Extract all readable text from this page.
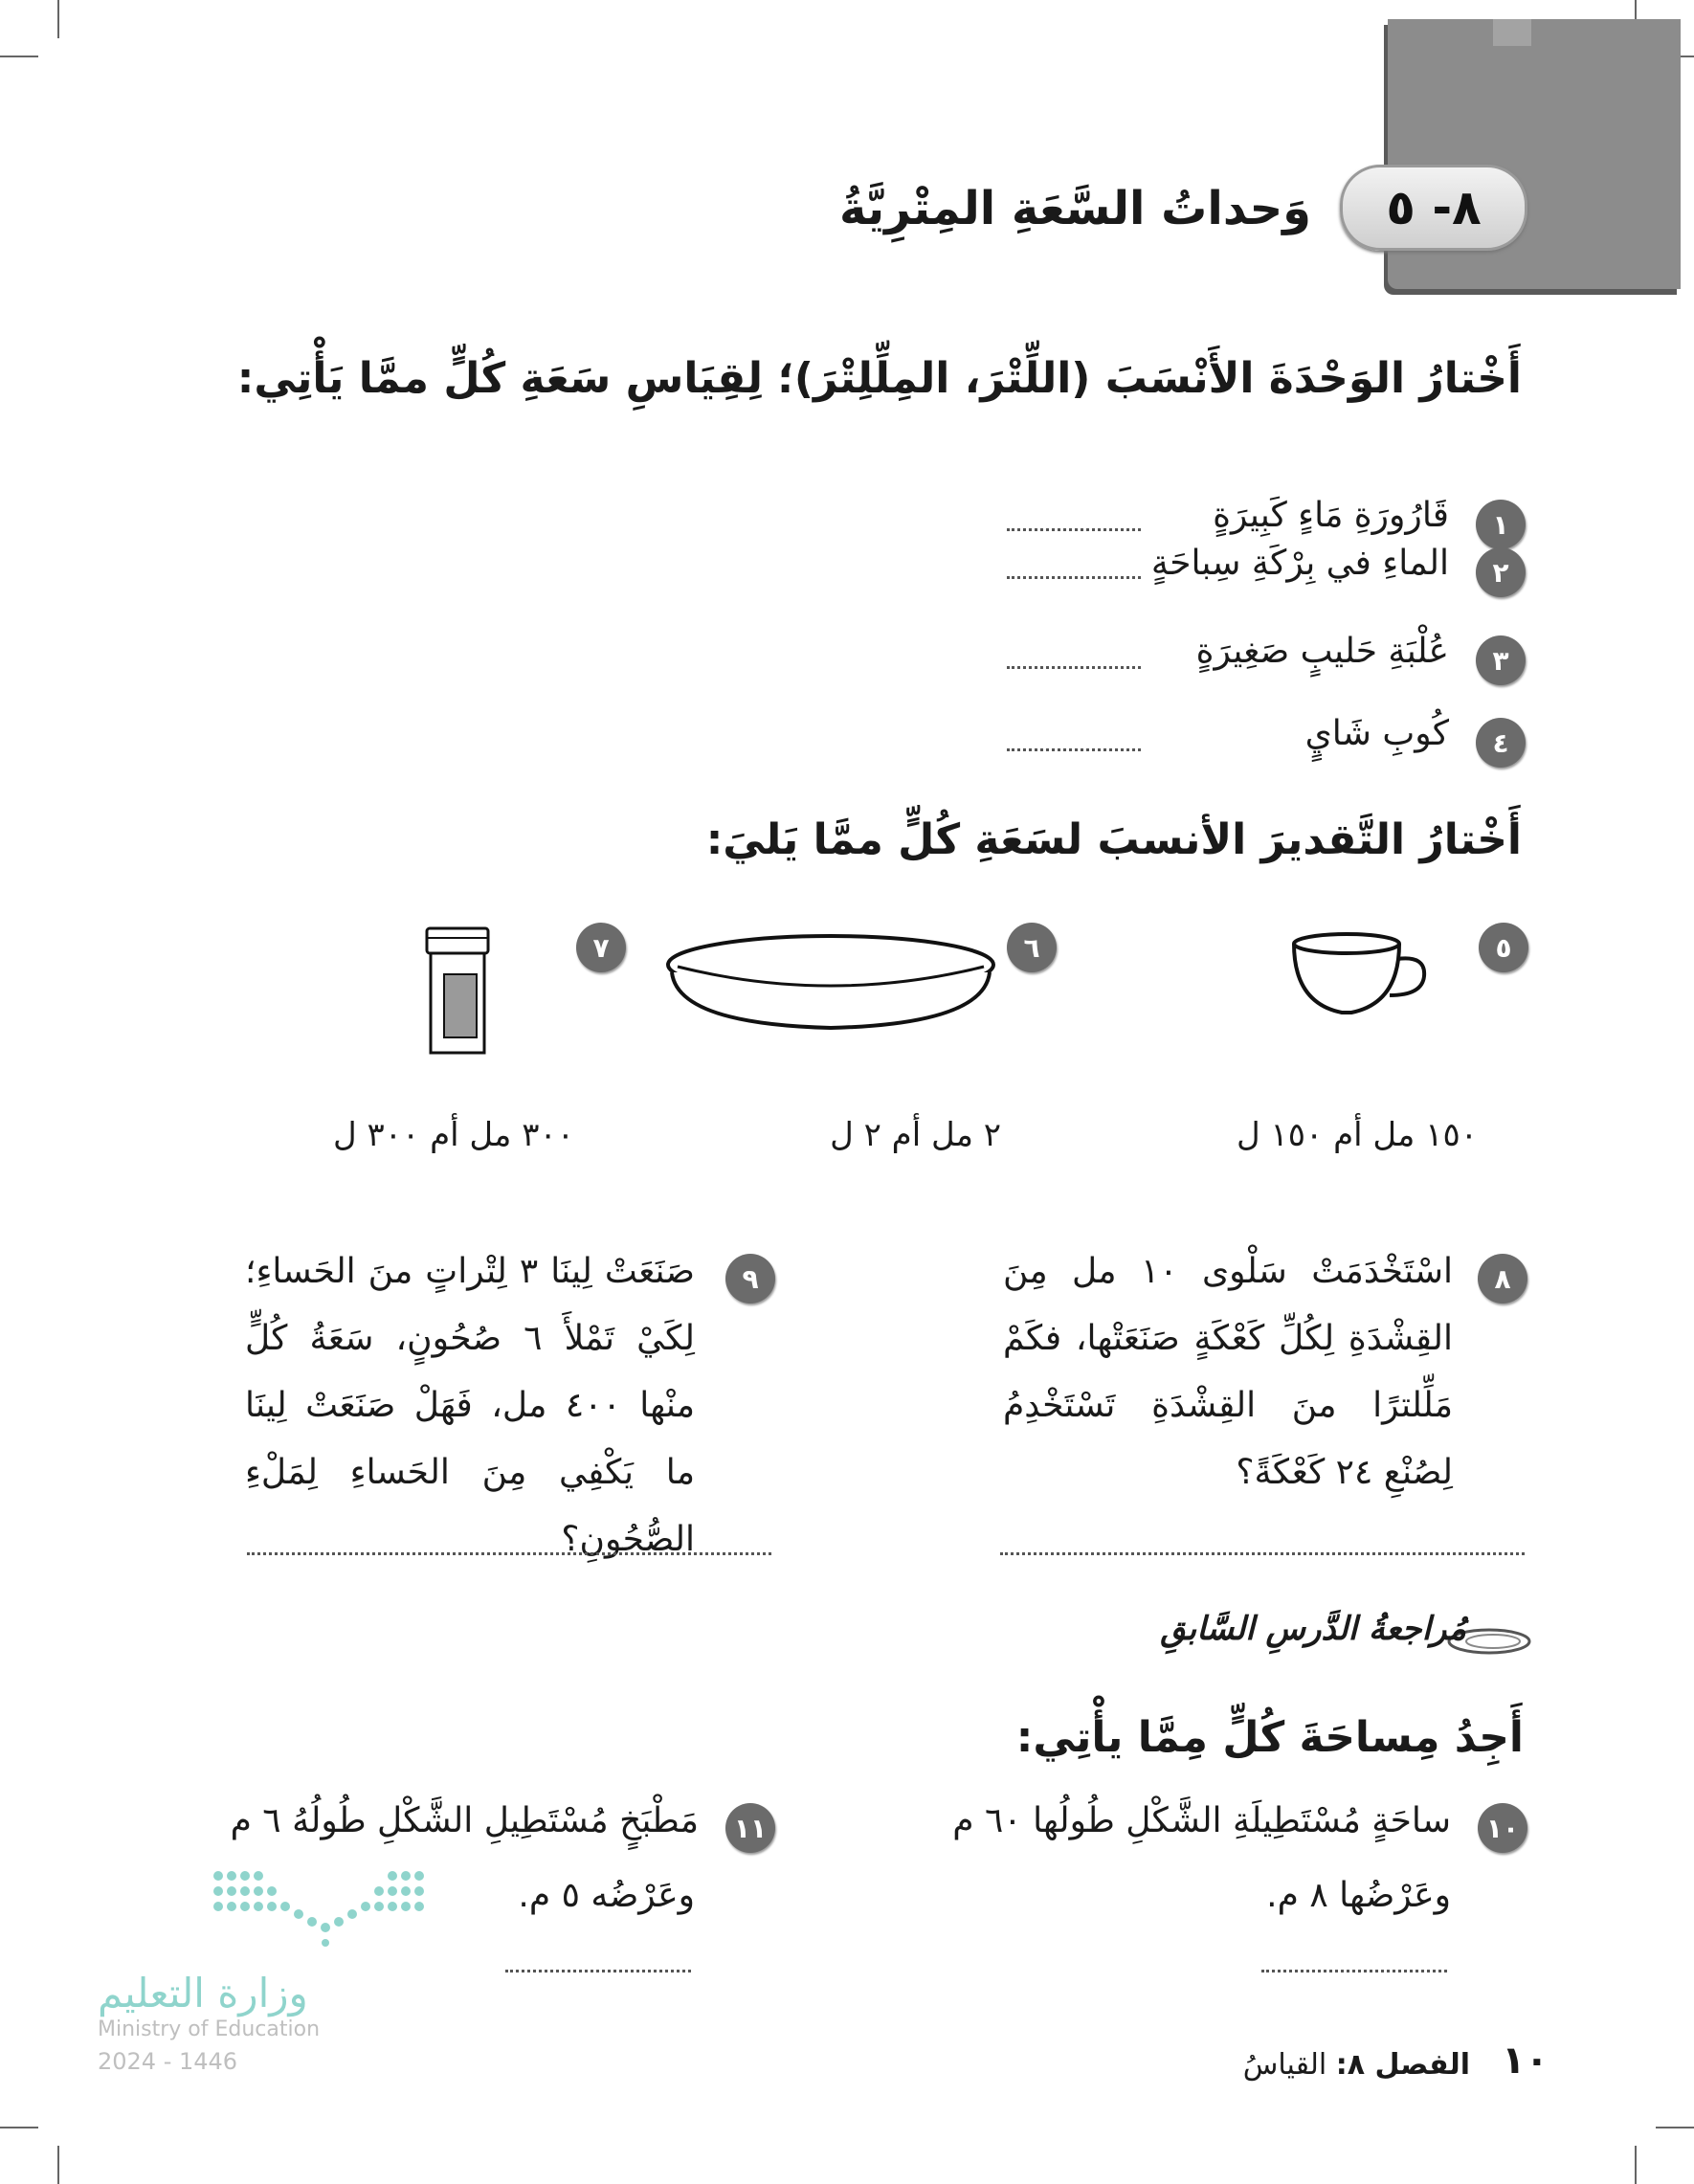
٨- ٥
وَحداتُ السَّعَةِ المِتْرِيَّةُ
أَخْتارُ الوَحْدَةَ الأَنْسَبَ (اللِّتْرَ، المِلِّلِتْرَ)؛ لِقِيَاسِ سَعَةِ كُلٍّ ممَّا يَأْتِي:
١
قَارُورَةِ مَاءٍ كَبِيرَةٍ
٢
الماءِ في بِرْكَةِ سِباحَةٍ
٣
عُلْبَةِ حَليبٍ صَغِيرَةٍ
٤
كُوبِ شَايٍ
أَخْتارُ التَّقديرَ الأنسبَ لسَعَةِ كُلٍّ ممَّا يَليَ:
٥
٦
٧
١٥٠ مل أم ١٥٠ ل
٢ مل أم ٢ ل
٣٠٠ مل أم ٣٠٠ ل
٨
اسْتَخْدَمَتْ سَلْوى ١٠ مل مِنَ القِشْدَةِ لِكُلِّ كَعْكَةٍ صَنَعَتْها، فكَمْ مَلِّلترًا منَ القِشْدَةِ تَسْتَخْدِمُ لِصُنْعِ ٢٤ كَعْكَةً؟
٩
صَنَعَتْ لِينَا ٣ لِتْراتٍ منَ الحَساءِ؛ لِكَيْ تَمْلأَ ٦ صُحُونٍ، سَعَةُ كُلٍّ منْها ٤٠٠ مل، فَهَلْ صَنَعَتْ لِينَا ما يَكْفِي مِنَ الحَساءِ لِمَلْءِ الصُّحُونِ؟
مُراجعةُ الدَّرسِ السَّابقِ
أَجِدُ مِساحَةَ كُلٍّ مِمَّا يأْتِي:
١٠
ساحَةٍ مُسْتَطِيلَةِ الشَّكْلِ طُولُها ٦٠ م
وعَرْضُها ٨ م.
١١
مَطْبَخٍ مُسْتَطِيلِ الشَّكْلِ طُولُهُ ٦ م
وعَرْضُه ٥ م.
وزارة التعليم
Ministry of Education
2024 - 1446	١٠
الفصل ٨: القياسُ
